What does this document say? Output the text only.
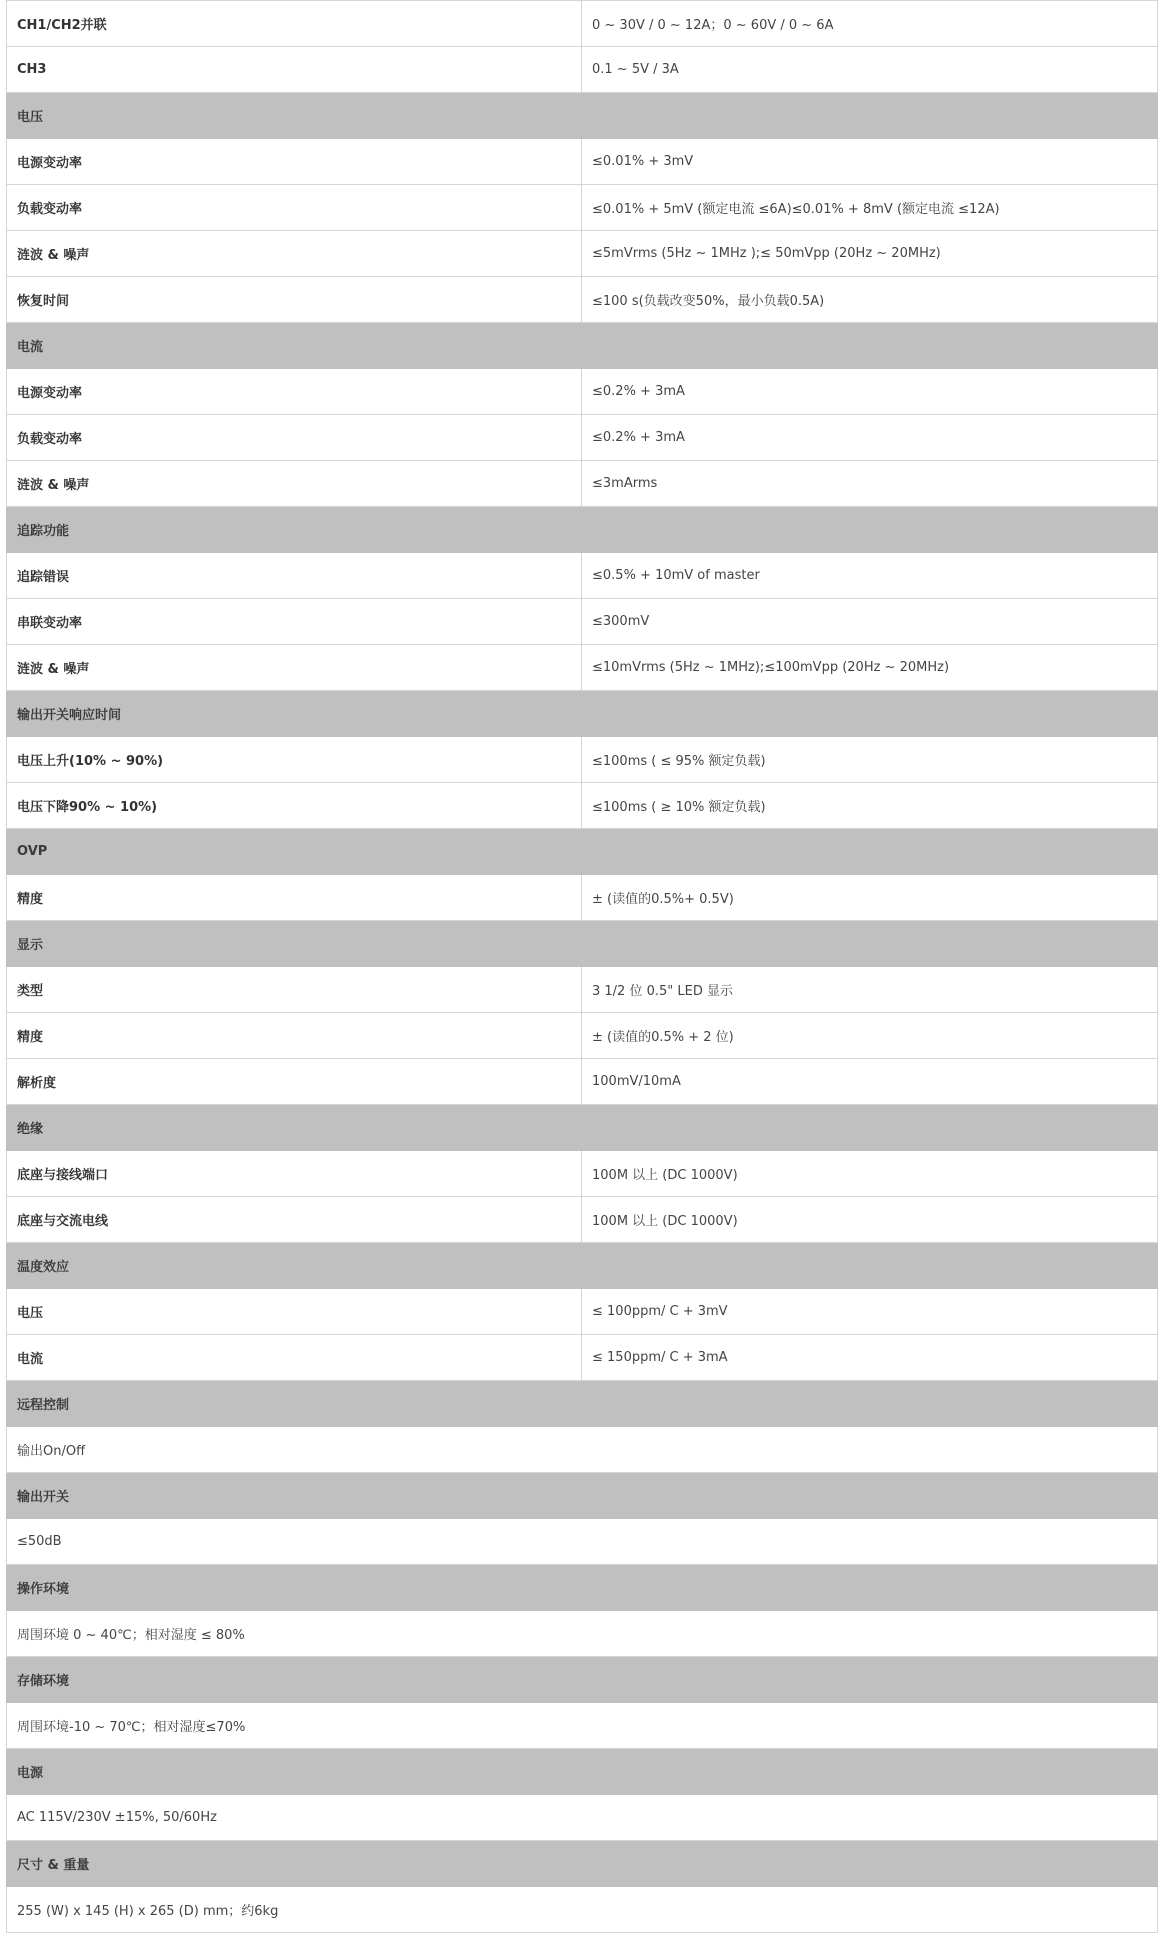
CH1/CH2并联	0 ~ 30V / 0 ~ 12A；0 ~ 60V / 0 ~ 6A
CH3	0.1 ~ 5V / 3A
电压	
电源变动率	≤0.01% + 3mV
负载变动率	≤0.01% + 5mV (额定电流 ≤6A)≤0.01% + 8mV (额定电流 ≤12A)
涟波 & 噪声	≤5mVrms (5Hz ~ 1MHz );≤ 50mVpp (20Hz ~ 20MHz)
恢复时间	≤100 s(负载改变50%，最小负载0.5A)
电流	
电源变动率	≤0.2% + 3mA
负载变动率	≤0.2% + 3mA
涟波 & 噪声	≤3mArms
追踪功能	
追踪错误	≤0.5% + 10mV of master
串联变动率	≤300mV
涟波 & 噪声	≤10mVrms (5Hz ~ 1MHz);≤100mVpp (20Hz ~ 20MHz)
输出开关响应时间	
电压上升(10% ~ 90%)	≤100ms ( ≤ 95% 额定负载)
电压下降90% ~ 10%)	≤100ms ( ≥ 10% 额定负载)
OVP	
精度	± (读值的0.5%+ 0.5V)
显示	
类型	3 1/2 位 0.5" LED 显示
精度	± (读值的0.5% + 2 位)
解析度	100mV/10mA
绝缘	
底座与接线端口	100M 以上 (DC 1000V)
底座与交流电线	100M 以上 (DC 1000V)
温度效应	
电压	≤ 100ppm/ C + 3mV
电流	≤ 150ppm/ C + 3mA
远程控制	
输出On/Off	
输出开关	
≤50dB	
操作环境	
周围环境 0 ~ 40℃；相对湿度 ≤ 80%	
存储环境	
周围环境-10 ~ 70℃；相对湿度≤70%	
电源	
AC 115V/230V ±15%, 50/60Hz	
尺寸 & 重量	
255 (W) x 145 (H) x 265 (D) mm；约6kg	
